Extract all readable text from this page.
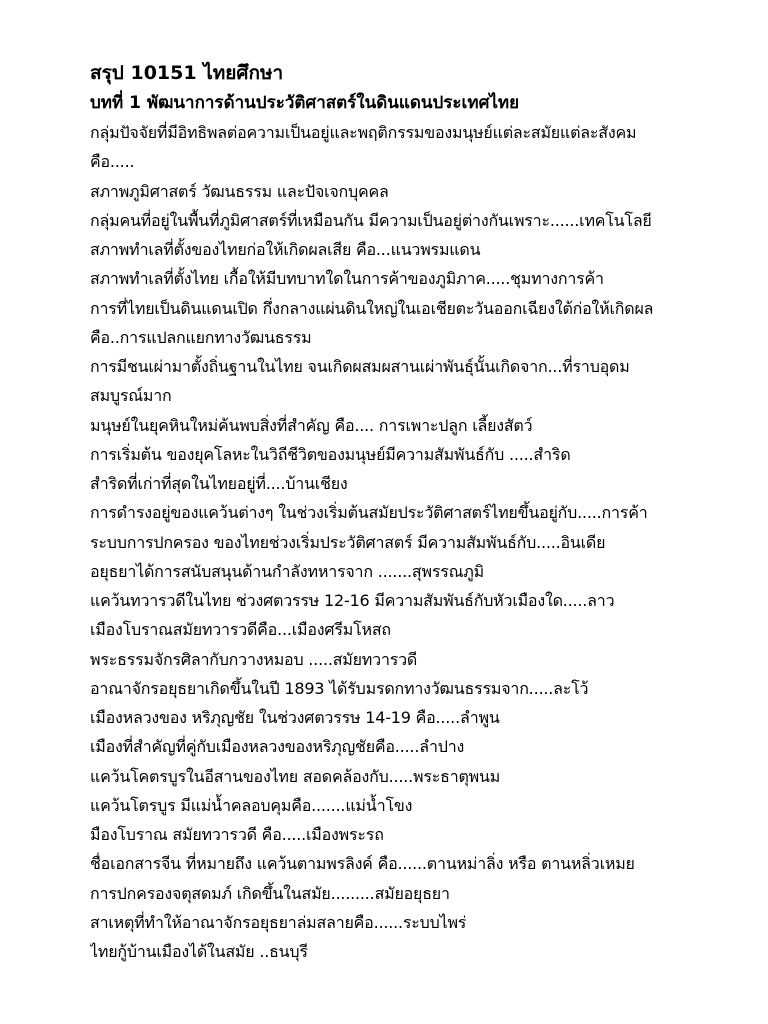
สรุป 10151 ไทยศึกษา
บทที่ 1 พัฒนาการด้านประวัติศาสตร์ในดินแดนประเทศไทย
กลุ่มปัจจัยที่มีอิทธิพลต่อความเป็นอยู่และพฤติกรรมของมนุษย์แต่ละสมัยแต่ละสังคม
คือ.....
สภาพภูมิศาสตร์ วัฒนธรรม และปัจเจกบุคคล
กลุ่มคนที่อยู่ในพื้นที่ภูมิศาสตร์ที่เหมือนกัน มีความเป็นอยู่ต่างกันเพราะ......เทคโนโลยี
สภาพทำเลที่ตั้งของไทยก่อให้เกิดผลเสีย คือ...แนวพรมแดน
สภาพทำเลที่ตั้งไทย เกื้อให้มีบทบาทใดในการค้าของภูมิภาค.....ชุมทางการค้า
การที่ไทยเป็นดินแดนเปิด กึ่งกลางแผ่นดินใหญ่ในเอเชียตะวันออกเฉียงใต้ก่อให้เกิดผล
คือ..การแปลกแยกทางวัฒนธรรม
การมีชนเผ่ามาตั้งถิ่นฐานในไทย จนเกิดผสมผสานเผ่าพันธุ์นั้นเกิดจาก...ที่ราบอุดม
สมบูรณ์มาก
มนุษย์ในยุคหินใหม่ค้นพบสิ่งที่สำคัญ คือ.... การเพาะปลูก เลี้ยงสัตว์
การเริ่มต้น ของยุคโลหะในวิถีชีวิตของมนุษย์มีความสัมพันธ์กับ .....สำริด
สำริดที่เก่าที่สุดในไทยอยู่ที่....บ้านเชียง
การดำรงอยู่ของแคว้นต่างๆ ในช่วงเริ่มต้นสมัยประวัติศาสตร์ไทยขึ้นอยู่กับ.....การค้า
ระบบการปกครอง ของไทยช่วงเริ่มประวัติศาสตร์ มีความสัมพันธ์กับ.....อินเดีย
อยุธยาได้การสนับสนุนด้านกำลังทหารจาก .......สุพรรณภูมิ
แคว้นทวารวดีในไทย ช่วงศตวรรษ 12-16 มีความสัมพันธ์กับหัวเมืองใด.....ลาว
เมืองโบราณสมัยทวารวดีคือ...เมืองศรีมโหสถ
พระธรรมจักรศิลากับกวางหมอบ .....สมัยทวารวดี
อาณาจักรอยุธยาเกิดขึ้นในปี 1893 ได้รับมรดกทางวัฒนธรรมจาก.....ละโว้
เมืองหลวงของ หริภุญชัย ในช่วงศตวรรษ 14-19 คือ.....ลำพูน
เมืองที่สำคัญที่คู่กับเมืองหลวงของหริภุญชัยคือ.....ลำปาง
แคว้นโคตรบูรในอีสานของไทย สอดคล้องกับ.....พระธาตุพนม
แคว้นโตรบูร มีแม่น้ำคลอบคุมคือ.......แม่น้ำโขง
มืองโบราณ สมัยทวารวดี คือ.....เมืองพระรถ
ชื่อเอกสารจีน ที่หมายถึง แคว้นตามพรลิงค์ คือ......ตานหม่าลิ่ง หรือ ตานหลิ่วเหมย
การปกครองจตุสดมภ์ เกิดขึ้นในสมัย.........สมัยอยุธยา
สาเหตุที่ทำให้อาณาจักรอยุธยาล่มสลายคือ......ระบบไพร่
ไทยกู้บ้านเมืองได้ในสมัย ..ธนบุรี
